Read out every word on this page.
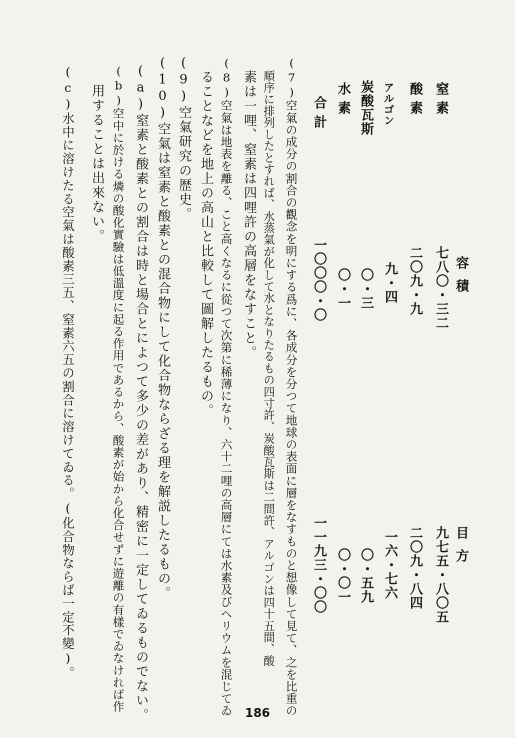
容積
目方
窒素
酸素
アルゴン
炭酸瓦斯
水素
合計
七八〇・三二
二〇九・九
九・四
〇・三
〇・一
一〇〇〇・〇
九七五・八〇五
二〇九・八四
一六・七六
〇・五九
〇・〇一
一一九三・〇〇
(7)空氣の成分の割合の觀念を明にする爲に、各成分を分つて地球の表面に層をなすものと想像して見て、之を比重の
順序に排列したとすれば、水蒸氣が化して水となりたるもの四寸許、炭酸瓦斯は二間許、アルゴンは四十五間、酸
素は一哩、窒素は四哩許の高層をなすこと。
(8)空氣は地表を離る、こと高くなるに從つて次第に稀薄になり、六十二哩の高層にては水素及びヘリウムを混じてゐ
ることなどを地上の高山と比較して圖解したるもの。
(9)空氣研究の歴史。
(10)空氣は窒素と酸素との混合物にして化合物ならざる理を解説したるもの。
(a)窒素と酸素との割合は時と場合とによつて多少の差があり、精密に一定してゐるものでない。
(b)空中に於ける燐の酸化實驗は低溫度に起る作用であるから、酸素が始から化合せずに遊離の有樣でゐなければ作
用することは出來ない。
(c)水中に溶けたる空氣は酸素三五、窒素六五の割合に溶けてゐる。(化合物ならば一定不變)。
186
